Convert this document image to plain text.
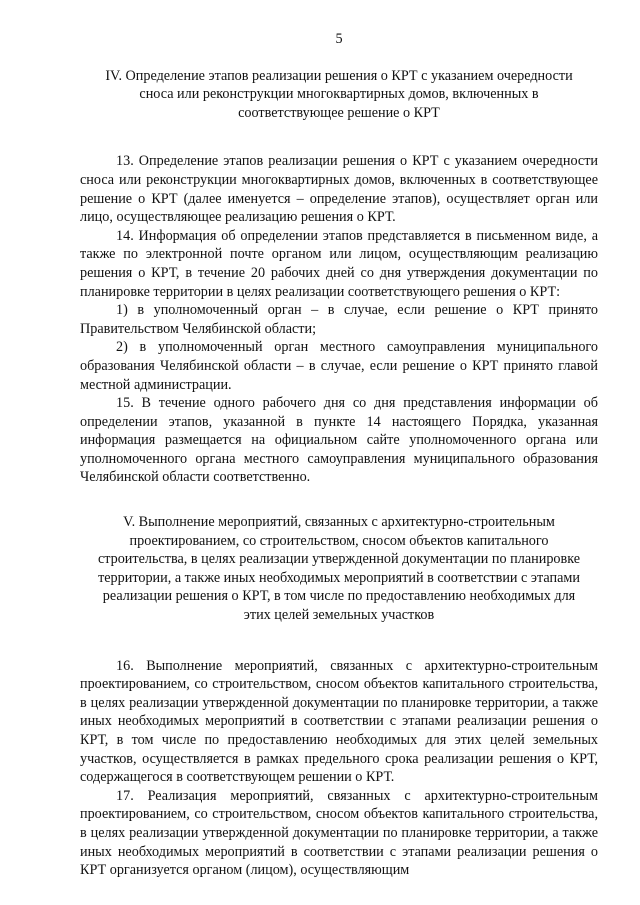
5

IV. Определение этапов реализации решения о КРТ с указанием очередности сноса или реконструкции многоквартирных домов, включенных в соответствующее решение о КРТ

13. Определение этапов реализации решения о КРТ с указанием очередности сноса или реконструкции многоквартирных домов, включенных в соответствующее решение о КРТ (далее именуется – определение этапов), осуществляет орган или лицо, осуществляющее реализацию решения о КРТ.

14. Информация об определении этапов представляется в письменном виде, а также по электронной почте органом или лицом, осуществляющим реализацию решения о КРТ, в течение 20 рабочих дней со дня утверждения документации по планировке территории в целях реализации соответствующего решения о КРТ:

1) в уполномоченный орган – в случае, если решение о КРТ принято Правительством Челябинской области;

2) в уполномоченный орган местного самоуправления муниципального образования Челябинской области – в случае, если решение о КРТ принято главой местной администрации.

15. В течение одного рабочего дня со дня представления информации об определении этапов, указанной в пункте 14 настоящего Порядка, указанная информация размещается на официальном сайте уполномоченного органа или уполномоченного органа местного самоуправления муниципального образования Челябинской области соответственно.

V. Выполнение мероприятий, связанных с архитектурно-строительным проектированием, со строительством, сносом объектов капитального строительства, в целях реализации утвержденной документации по планировке территории, а также иных необходимых мероприятий в соответствии с этапами реализации решения о КРТ, в том числе по предоставлению необходимых для этих целей земельных участков

16. Выполнение мероприятий, связанных с архитектурно-строительным проектированием, со строительством, сносом объектов капитального строительства, в целях реализации утвержденной документации по планировке территории, а также иных необходимых мероприятий в соответствии с этапами реализации решения о КРТ, в том числе по предоставлению необходимых для этих целей земельных участков, осуществляется в рамках предельного срока реализации решения о КРТ, содержащегося в соответствующем решении о КРТ.

17. Реализация мероприятий, связанных с архитектурно-строительным проектированием, со строительством, сносом объектов капитального строительства, в целях реализации утвержденной документации по планировке территории, а также иных необходимых мероприятий в соответствии с этапами реализации решения о КРТ организуется органом (лицом), осуществляющим
